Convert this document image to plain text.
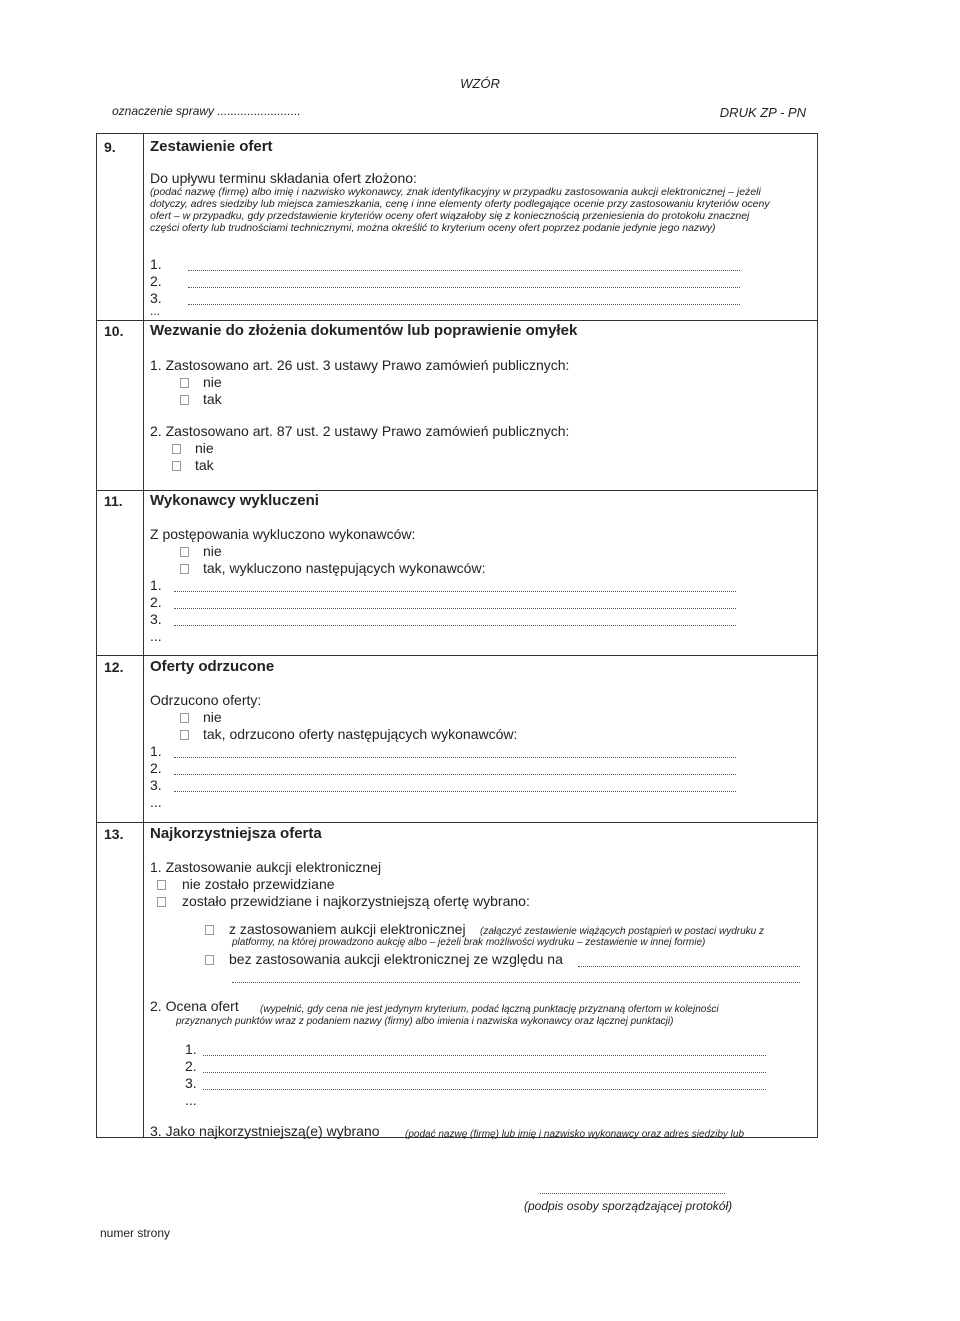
WZÓR
oznaczenie sprawy .........................	DRUK ZP - PN
9. Zestawienie ofert
Do upływu terminu składania ofert złożono:
(podać nazwę (firmę) albo imię i nazwisko wykonawcy, znak identyfikacyjny w przypadku zastosowania aukcji elektronicznej – jeżeli
dotyczy, adres siedziby lub miejsca zamieszkania, cenę i inne elementy oferty podlegające ocenie przy zastosowaniu kryteriów oceny
ofert – w przypadku, gdy przedstawienie kryteriów oceny ofert wiązałoby się z koniecznością przeniesienia do protokołu znacznej
części oferty lub trudnościami technicznymi, można określić to kryterium oceny ofert poprzez podanie jedynie jego nazwy)
1.
2.
3.
...
10. Wezwanie do złożenia dokumentów lub poprawienie omyłek
1. Zastosowano art. 26 ust. 3 ustawy Prawo zamówień publicznych:
nie
tak
2. Zastosowano art. 87 ust. 2 ustawy Prawo zamówień publicznych:
nie
tak
11. Wykonawcy wykluczeni
Z postępowania wykluczono wykonawców:
nie
tak, wykluczono następujących wykonawców:
1.
2.
3.
...
12. Oferty odrzucone
Odrzucono oferty:
nie
tak, odrzucono oferty następujących wykonawców:
1.
2.
3.
...
13. Najkorzystniejsza oferta
1. Zastosowanie aukcji elektronicznej
nie zostało przewidziane
zostało przewidziane i najkorzystniejszą ofertę wybrano:
z zastosowaniem aukcji elektronicznej (załączyć zestawienie wiążących postąpień w postaci wydruku z
platformy, na której prowadzono aukcję albo – jeżeli brak możliwości wydruku – zestawienie w innej formie)
bez zastosowania aukcji elektronicznej ze względu na
2. Ocena ofert (wypełnić, gdy cena nie jest jedynym kryterium, podać łączną punktację przyznaną ofertom w kolejności
przyznanych punktów wraz z podaniem nazwy (firmy) albo imienia i nazwiska wykonawcy oraz łącznej punktacji)
1.
2.
3.
...
3. Jako najkorzystniejszą(e) wybrano	(podać nazwę (firmę) lub imię i nazwisko wykonawcy oraz adres siedziby lub
(podpis osoby sporządzającej protokół)
numer strony
